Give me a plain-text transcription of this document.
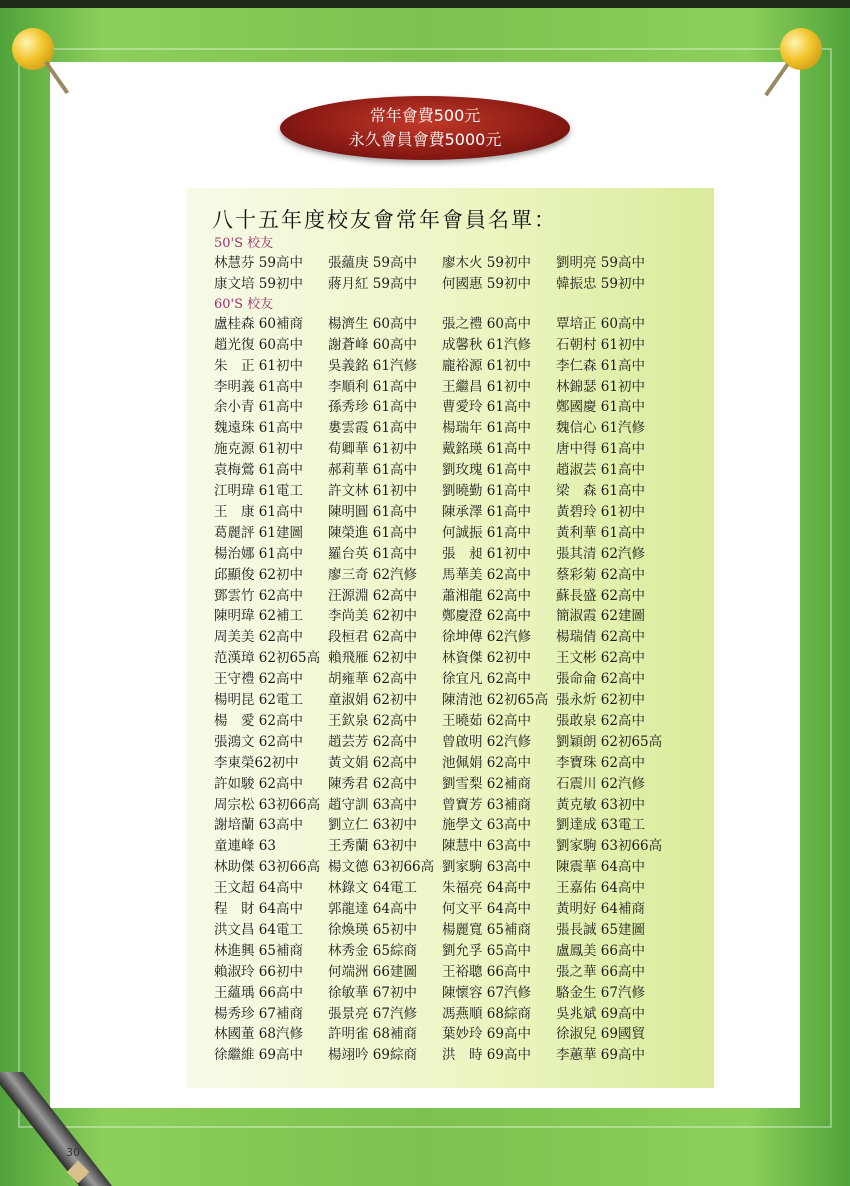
30
常年會費500元
永久會員會費5000元
八十五年度校友會常年會員名單：
50'S 校友
林慧芬 59高中 張蘊庚 59高中 廖木火 59初中 劉明亮 59高中
康文培 59初中 蔣月紅 59高中 何國惠 59初中 韓振忠 59初中
60'S 校友
盧桂森 60補商 楊濟生 60高中 張之禮 60高中 覃培正 60高中
趙光復 60高中 謝蒼峰 60高中 成馨秋 61汽修 石朝村 61初中
朱　正 61初中 吳義銘 61汽修 龐裕源 61初中 李仁森 61高中
李明義 61高中 李順利 61高中 王繼昌 61初中 林錦瑟 61初中
余小青 61高中 孫秀珍 61高中 曹愛玲 61高中 鄭國慶 61高中
魏遠珠 61高中 婁雲霞 61高中 楊瑞年 61高中 魏信心 61汽修
施克源 61初中 荀卿華 61初中 戴銘瑛 61高中 唐中得 61高中
袁梅鶯 61高中 郝莉華 61高中 劉玫瑰 61高中 趙淑芸 61高中
江明瑋 61電工 許文林 61初中 劉曉勤 61高中 梁　森 61高中
王　康 61高中 陳明圓 61高中 陳承澤 61高中 黃碧玲 61初中
葛麗評 61建圖 陳榮進 61高中 何誠振 61高中 黃利華 61高中
楊治娜 61高中 羅台英 61高中 張　昶 61初中 張其清 62汽修
邱顯俊 62初中 廖三奇 62汽修 馬華美 62高中 蔡彩菊 62高中
鄧雲竹 62高中 汪源淵 62高中 蕭湘龍 62高中 蘇長盛 62高中
陳明瑋 62補工 李尚美 62初中 鄭慶澄 62高中 簡淑霞 62建圖
周美美 62高中 段桓君 62高中 徐坤傳 62汽修 楊瑞倩 62高中
范漢璋 62初65高 賴飛雁 62初中 林資傑 62初中 王文彬 62高中
王守禮 62高中 胡雍華 62高中 徐宜凡 62高中 張命侖 62高中
楊明昆 62電工 童淑娟 62初中 陳清池 62初65高 張永炘 62初中
楊　愛 62高中 王欽泉 62高中 王曉茹 62高中 張敢泉 62高中
張鴻文 62高中 趙芸芳 62高中 曾啟明 62汽修 劉穎朗 62初65高
李東榮62初中 黃文娟 62高中 池佩娟 62高中 李寶珠 62高中
許如駿 62高中 陳秀君 62高中 劉雪梨 62補商 石震川 62汽修
周宗松 63初66高 趙守訓 63高中 曾寶芳 63補商 黃克敏 63初中
謝培蘭 63高中 劉立仁 63初中 施學文 63高中 劉達成 63電工
童連峰 63	王秀蘭 63初中 陳慧中 63高中 劉家駒 63初66高
林助傑 63初66高 楊文德 63初66高 劉家駒 63高中 陳震華 64高中
王文超 64高中 林錄文 64電工 朱福亮 64高中 王嘉佑 64高中
程　財 64高中 郭龍達 64高中 何文平 64高中 黃明好 64補商
洪文昌 64電工 徐煥瑛 65初中 楊麗寬 65補商 張長誠 65建圖
林進興 65補商 林秀金 65綜商 劉允孚 65高中 盧鳳美 66高中
賴淑玲 66初中 何端洲 66建圖 王裕聰 66高中 張之華 66高中
王蘊瑀 66高中 徐敏華 67初中 陳懷容 67汽修 駱金生 67汽修
楊秀珍 67補商 張景亮 67汽修 馮燕順 68綜商 吳兆斌 69高中
林國董 68汽修 許明雀 68補商 葉妙玲 69高中 徐淑兒 69國貿
徐繼維 69高中 楊翊吟 69綜商 洪　時 69高中 李蕙華 69高中
